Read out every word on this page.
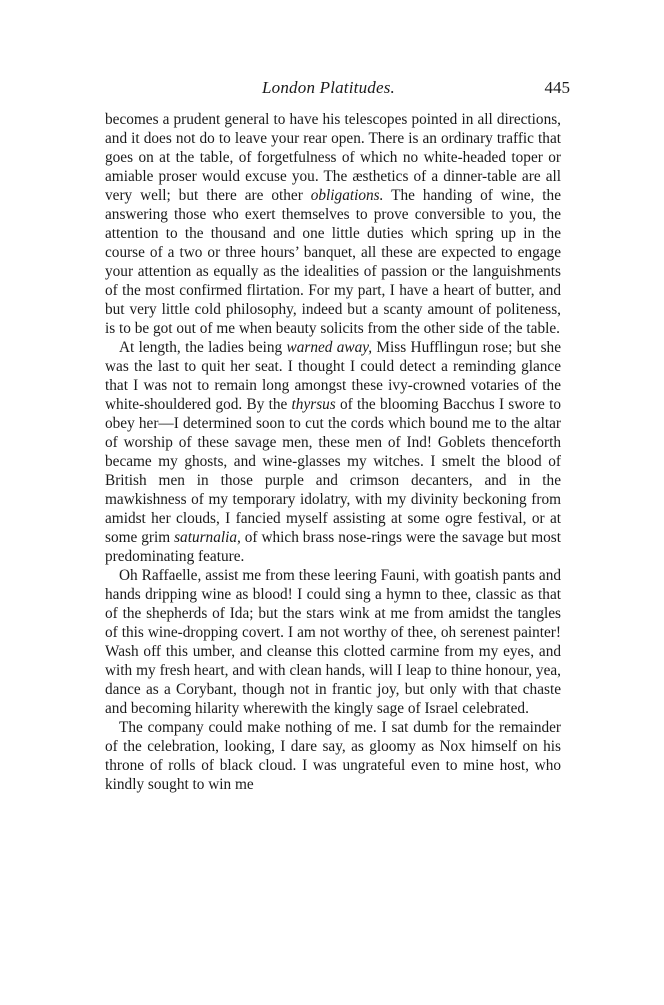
London Platitudes.	445

becomes a prudent general to have his telescopes pointed in all directions, and it does not do to leave your rear open. There is an ordinary traffic that goes on at the table, of forgetfulness of which no white-headed toper or amiable proser would excuse you. The æsthetics of a dinner-table are all very well; but there are other obligations. The handing of wine, the answering those who exert themselves to prove conversible to you, the attention to the thousand and one little duties which spring up in the course of a two or three hours’ banquet, all these are expected to engage your attention as equally as the idealities of passion or the languishments of the most confirmed flirtation. For my part, I have a heart of butter, and but very little cold philosophy, indeed but a scanty amount of politeness, is to be got out of me when beauty solicits from the other side of the table.

At length, the ladies being warned away, Miss Hufflingun rose; but she was the last to quit her seat. I thought I could detect a reminding glance that I was not to remain long amongst these ivy-crowned votaries of the white-shouldered god. By the thyrsus of the blooming Bacchus I swore to obey her—I determined soon to cut the cords which bound me to the altar of worship of these savage men, these men of Ind! Goblets thenceforth became my ghosts, and wine-glasses my witches. I smelt the blood of British men in those purple and crimson decanters, and in the mawkishness of my temporary idolatry, with my divinity beckoning from amidst her clouds, I fancied myself assisting at some ogre festival, or at some grim saturnalia, of which brass nose-rings were the savage but most predominating feature.

Oh Raffaelle, assist me from these leering Fauni, with goatish pants and hands dripping wine as blood! I could sing a hymn to thee, classic as that of the shepherds of Ida; but the stars wink at me from amidst the tangles of this wine-dropping covert. I am not worthy of thee, oh serenest painter! Wash off this umber, and cleanse this clotted carmine from my eyes, and with my fresh heart, and with clean hands, will I leap to thine honour, yea, dance as a Corybant, though not in frantic joy, but only with that chaste and becoming hilarity wherewith the kingly sage of Israel celebrated.

The company could make nothing of me. I sat dumb for the remainder of the celebration, looking, I dare say, as gloomy as Nox himself on his throne of rolls of black cloud. I was ungrateful even to mine host, who kindly sought to win me
